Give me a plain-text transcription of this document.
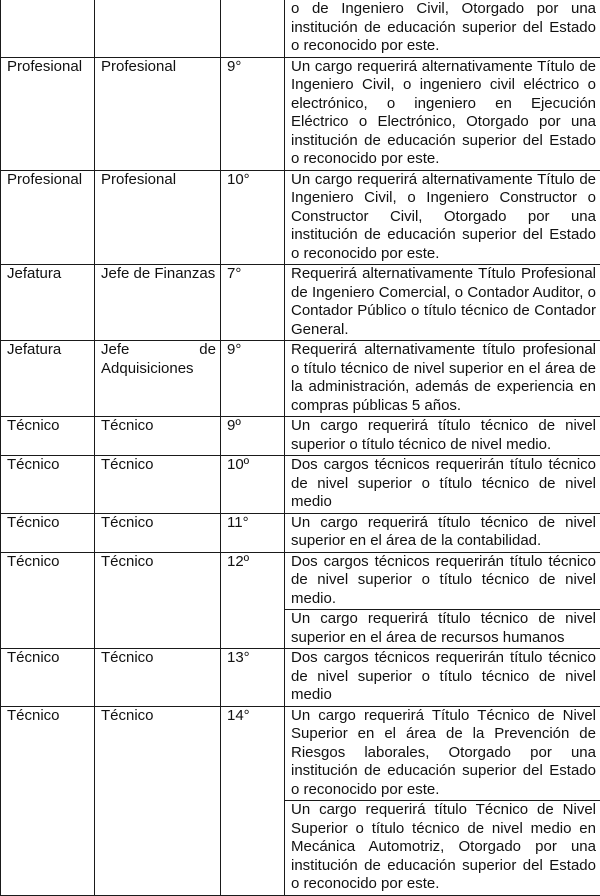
			o de Ingeniero Civil, Otorgado por una institución de educación superior del Estado o reconocido por este.
Profesional	Profesional	9°	Un cargo requerirá alternativamente Título de Ingeniero Civil, o ingeniero civil eléctrico o electrónico, o ingeniero en Ejecución Eléctrico o Electrónico, Otorgado por una institución de educación superior del Estado o reconocido por este.
Profesional	Profesional	10°	Un cargo requerirá alternativamente Título de Ingeniero Civil, o Ingeniero Constructor o Constructor Civil, Otorgado por una institución de educación superior del Estado o reconocido por este.
Jefatura	Jefe de Finanzas	7°	Requerirá alternativamente Título Profesional de Ingeniero Comercial, o Contador Auditor, o Contador Público o título técnico de Contador General.
Jefatura	Jefe de Adquisiciones	9°	Requerirá alternativamente título profesional o título técnico de nivel superior en el área de la administración, además de experiencia en compras públicas 5 años.
Técnico	Técnico	9º	Un cargo requerirá título técnico de nivel superior o título técnico de nivel medio.
Técnico	Técnico	10º	Dos cargos técnicos requerirán título técnico de nivel superior o título técnico de nivel medio
Técnico	Técnico	11°	Un cargo requerirá título técnico de nivel superior en el área de la contabilidad.
Técnico	Técnico	12º	Dos cargos técnicos requerirán título técnico de nivel superior o título técnico de nivel medio.
			Un cargo requerirá título técnico de nivel superior en el área de recursos humanos
Técnico	Técnico	13°	Dos cargos técnicos requerirán título técnico de nivel superior o título técnico de nivel medio
Técnico	Técnico	14°	Un cargo requerirá Título Técnico de Nivel Superior en el área de la Prevención de Riesgos laborales, Otorgado por una institución de educación superior del Estado o reconocido por este.
			Un cargo requerirá título Técnico de Nivel Superior o título técnico de nivel medio en Mecánica Automotriz, Otorgado por una institución de educación superior del Estado o reconocido por este.
